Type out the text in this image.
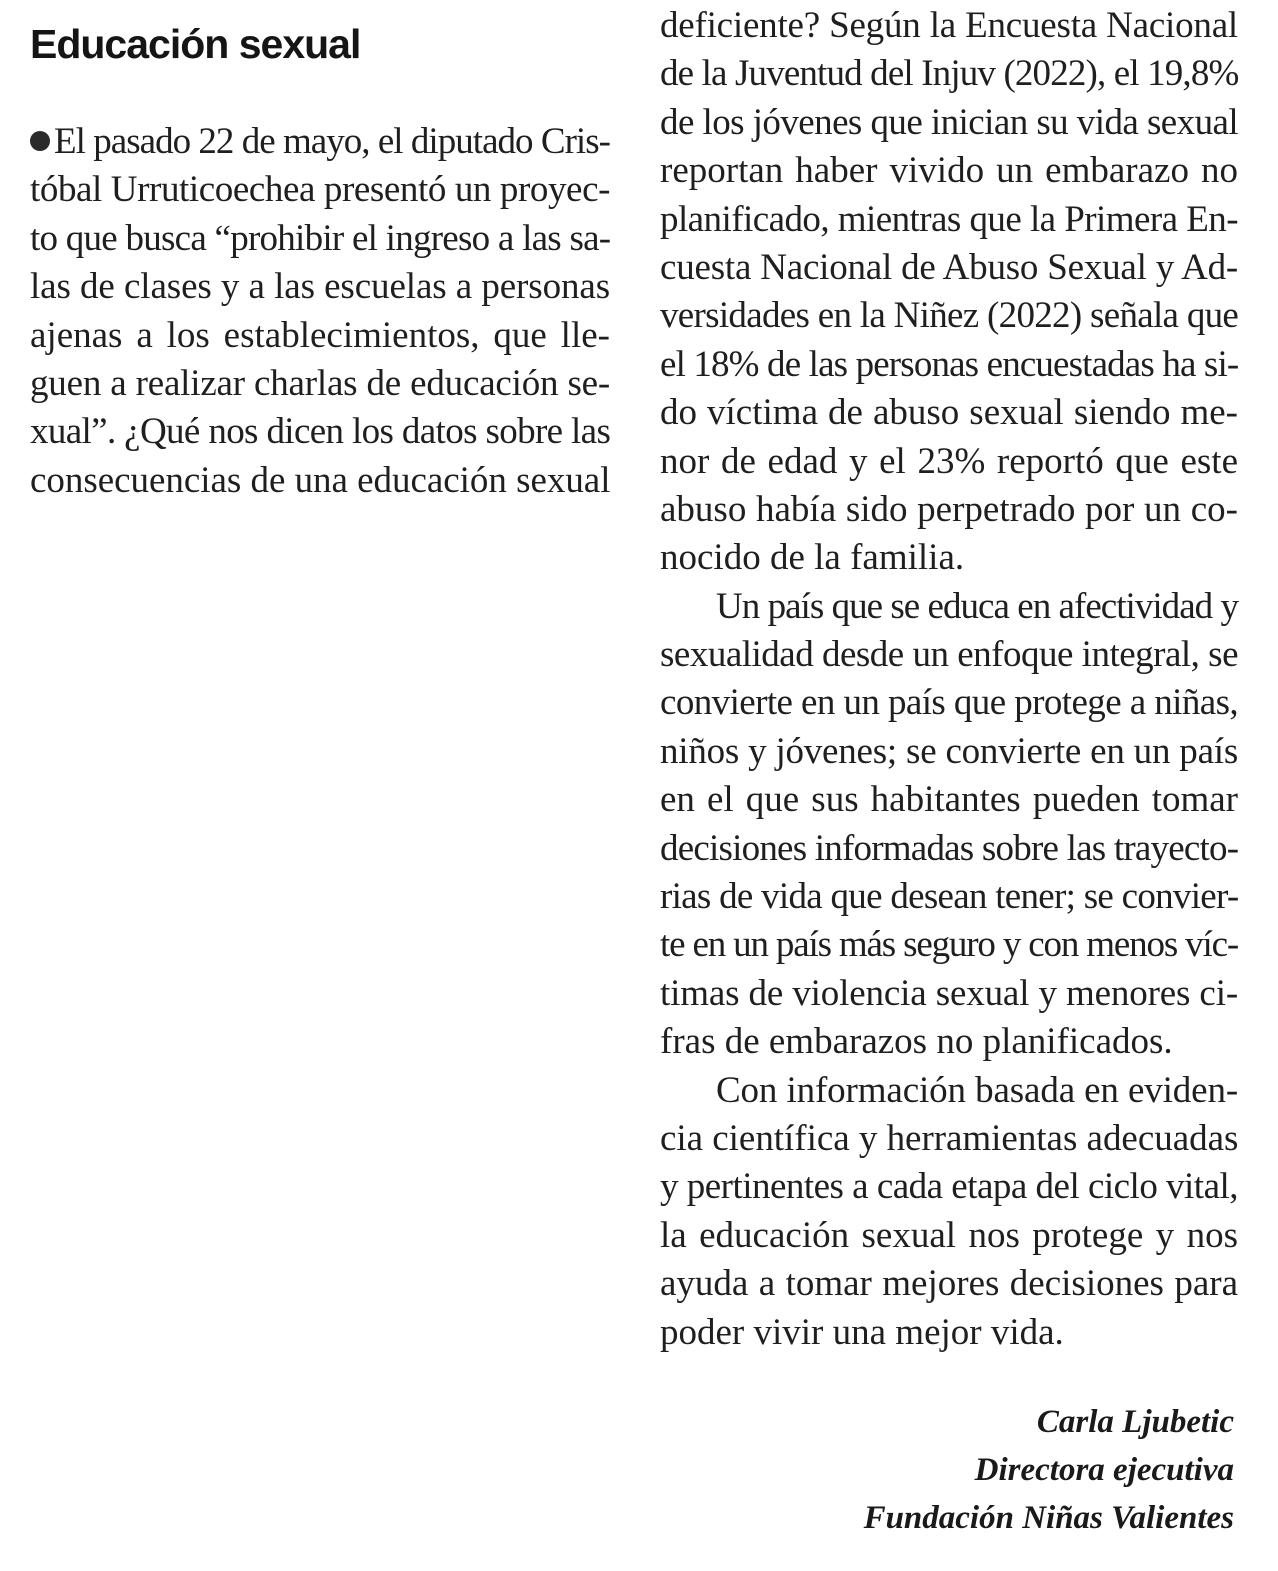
Educación sexual
El pasado 22 de mayo, el diputado Cris-
tóbal Urruticoechea presentó un proyec-
to que busca “prohibir el ingreso a las sa-
las de clases y a las escuelas a personas
ajenas a los establecimientos, que lle-
guen a realizar charlas de educación se-
xual”. ¿Qué nos dicen los datos sobre las
consecuencias de una educación sexual
deficiente? Según la Encuesta Nacional
de la Juventud del Injuv (2022), el 19,8%
de los jóvenes que inician su vida sexual
reportan haber vivido un embarazo no
planificado, mientras que la Primera En-
cuesta Nacional de Abuso Sexual y Ad-
versidades en la Niñez (2022) señala que
el 18% de las personas encuestadas ha si-
do víctima de abuso sexual siendo me-
nor de edad y el 23% reportó que este
abuso había sido perpetrado por un co-
nocido de la familia.
Un país que se educa en afectividad y
sexualidad desde un enfoque integral, se
convierte en un país que protege a niñas,
niños y jóvenes; se convierte en un país
en el que sus habitantes pueden tomar
decisiones informadas sobre las trayecto-
rias de vida que desean tener; se convier-
te en un país más seguro y con menos víc-
timas de violencia sexual y menores ci-
fras de embarazos no planificados.
Con información basada en eviden-
cia científica y herramientas adecuadas
y pertinentes a cada etapa del ciclo vital,
la educación sexual nos protege y nos
ayuda a tomar mejores decisiones para
poder vivir una mejor vida.
Carla Ljubetic
Directora ejecutiva
Fundación Niñas Valientes
